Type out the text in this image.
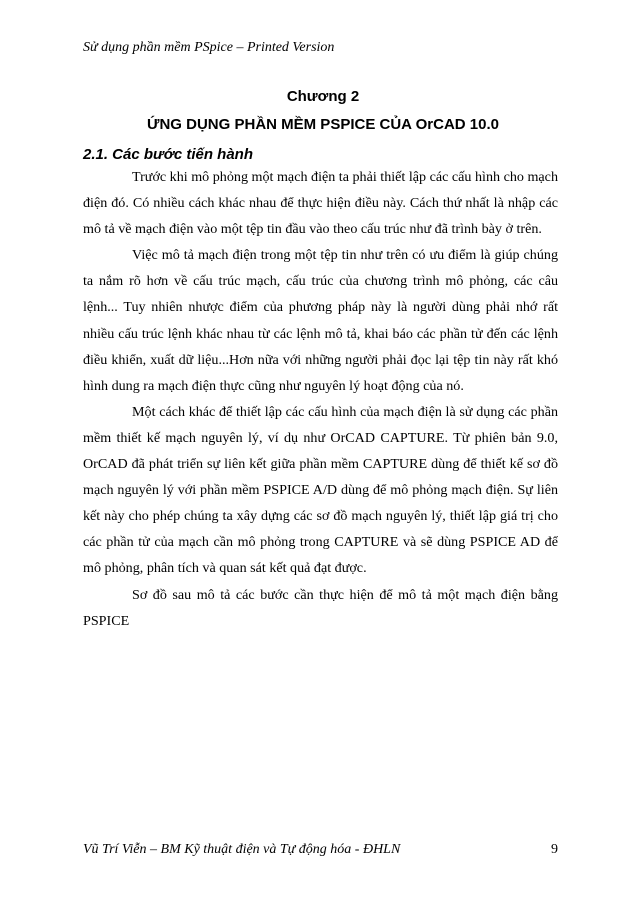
Sử dụng phần mềm PSpice – Printed Version
Chương 2
ỨNG DỤNG PHẦN MỀM PSPICE CỦA OrCAD 10.0
2.1. Các bước tiến hành

Trước khi mô phỏng một mạch điện ta phải thiết lập các cấu hình cho mạch điện đó. Có nhiều cách khác nhau để thực hiện điều này. Cách thứ nhất là nhập các mô tả về mạch điện vào một tệp tin đầu vào theo cấu trúc như đã trình bày ở trên.

Việc mô tả mạch điện trong một tệp tin như trên có ưu điểm là giúp chúng ta nắm rõ hơn về cấu trúc mạch, cấu trúc của chương trình mô phỏng, các câu lệnh... Tuy nhiên nhược điểm của phương pháp này là người dùng phải nhớ rất nhiều cấu trúc lệnh khác nhau từ các lệnh mô tả, khai báo các phần tử đến các lệnh điều khiển, xuất dữ liệu...Hơn nữa với những người phải đọc lại tệp tin này rất khó hình dung ra mạch điện thực cũng như nguyên lý hoạt động của nó.

Một cách khác để thiết lập các cấu hình của mạch điện là sử dụng các phần mềm thiết kế mạch nguyên lý, ví dụ như OrCAD CAPTURE. Từ phiên bản 9.0, OrCAD đã phát triển sự liên kết giữa phần mềm CAPTURE dùng để thiết kế sơ đồ mạch nguyên lý với phần mềm PSPICE A/D dùng để mô phỏng mạch điện. Sự liên kết này cho phép chúng ta xây dựng các sơ đồ mạch nguyên lý, thiết lập giá trị cho các phần tử của mạch cần mô phỏng trong CAPTURE và sẽ dùng PSPICE AD để mô phỏng, phân tích và quan sát kết quả đạt được.

Sơ đồ sau mô tả các bước cần thực hiện để mô tả một mạch điện bằng PSPICE

Vũ Trí Viễn – BM Kỹ thuật điện và Tự động hóa - ĐHLN	9
